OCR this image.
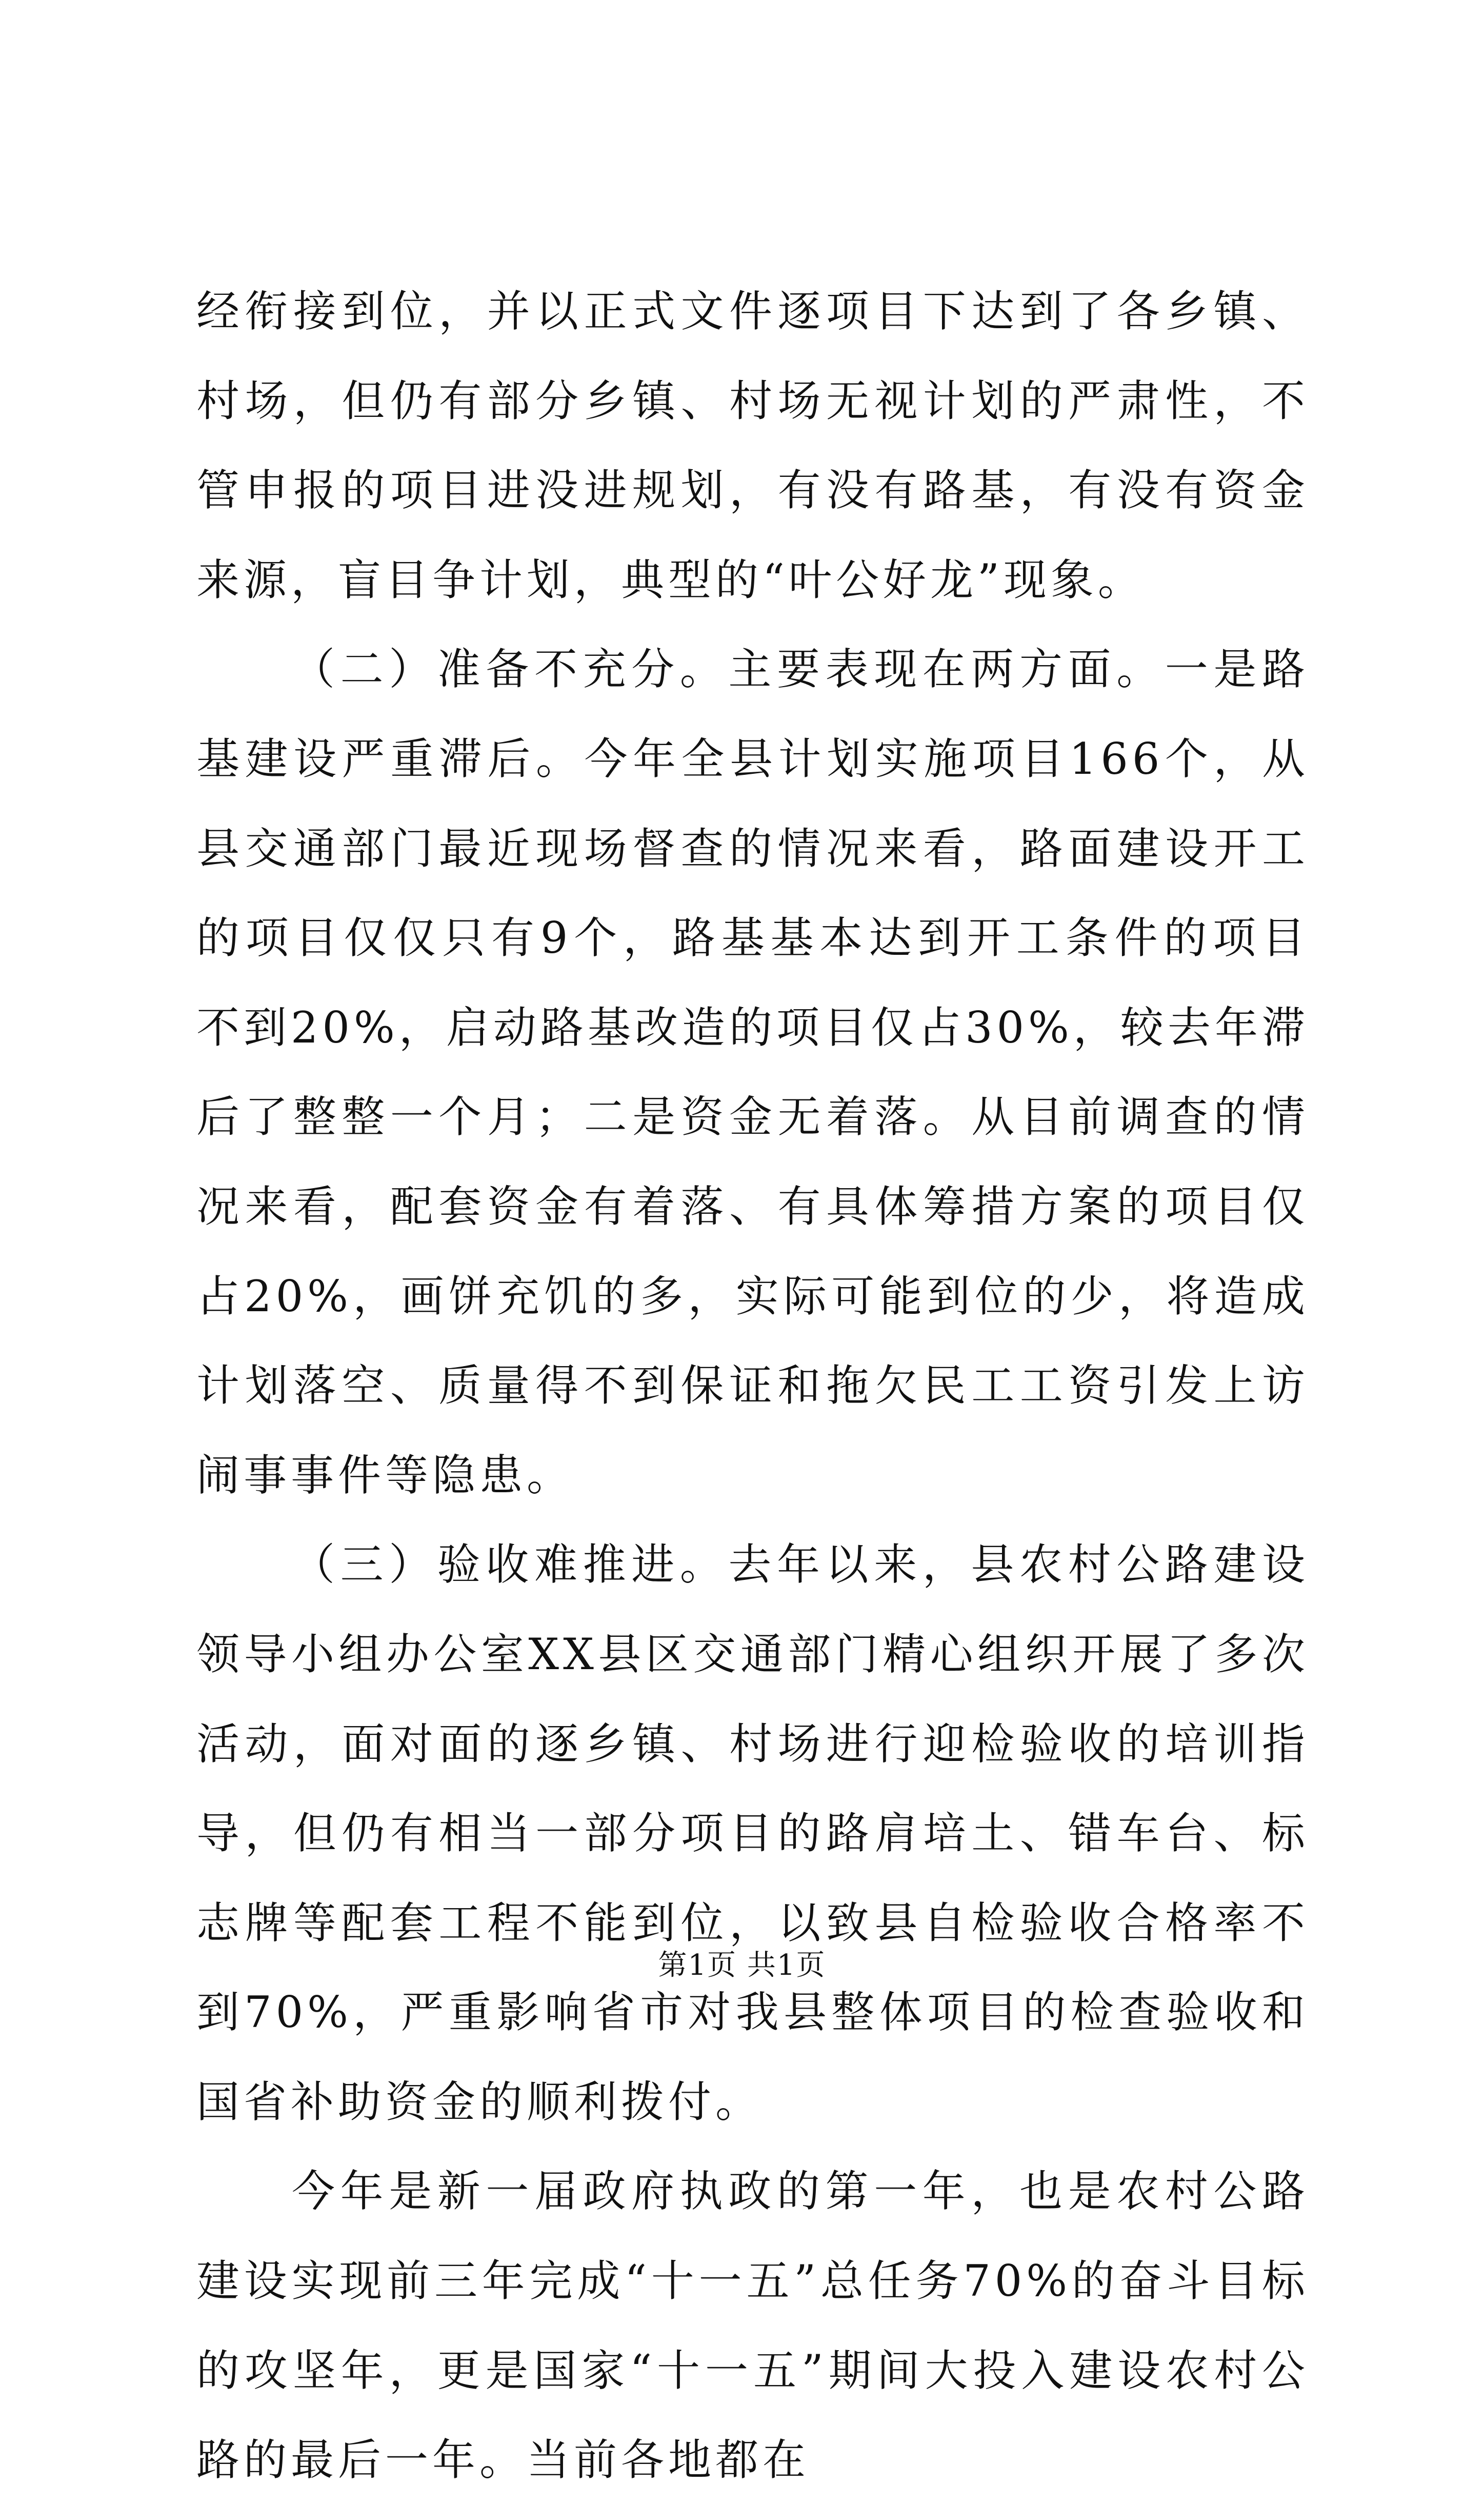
经衔接到位，并以正式文件逐项目下达到了各乡镇、村场，但仍有部分乡镇、村场无视计划的严肃性，不管申报的项目进没进规划，有没有路基，有没有资金来源，盲目争计划，典型的“叶公好龙”现象。

（二）准备不充分。主要表现在两方面。一是路基建设严重滞后。今年全县计划实施项目166个，从县交通部门最近现场督查的情况来看，路面建设开工的项目仅仅只有9个，路基基本达到开工条件的项目不到20%，启动路基改造的项目仅占30%，较去年滞后了整整一个月；二是资金无着落。从目前调查的情况来看，配套资金有着落、有具体筹措方案的项目仅占20%，画饼充饥的多，实际可能到位的少，将造成计划落空、质量得不到保证和拖欠民工工资引发上访闹事事件等隐患。

（三）验收难推进。去年以来，县农村公路建设领导小组办公室XX县区交通部门精心组织开展了多次活动，面对面的逐乡镇、村场进行迎检验收的培训指导，但仍有相当一部分项目的路肩培土、错车台、标志牌等配套工程不能到位，以致县自检验收合格率不到70%，严重影响省市对我县整体项目的检查验收和国省补助资金的顺利拨付。

今年是新一届政府执政的第一年，也是农村公路建设实现前三年完成“十一五”总任务70%的奋斗目标的攻坚年，更是国家“十一五”期间大投入建设农村公路的最后一年。当前各地都在

第1页 共1页
